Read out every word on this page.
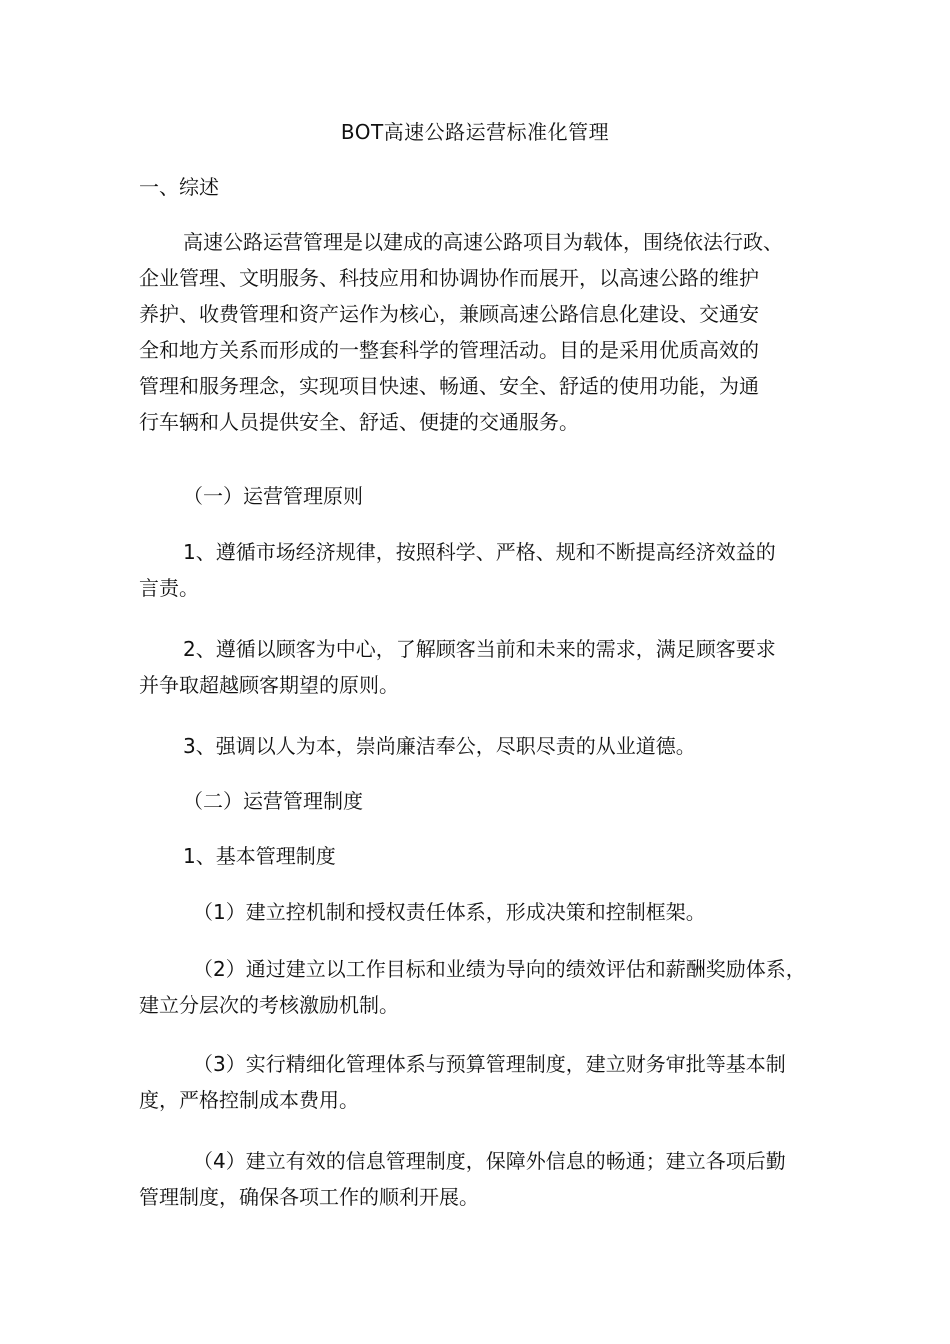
BOT高速公路运营标准化管理

一、综述

高速公路运营管理是以建成的高速公路项目为载体，围绕依法行政、
企业管理、文明服务、科技应用和协调协作而展开，以高速公路的维护
养护、收费管理和资产运作为核心，兼顾高速公路信息化建设、交通安
全和地方关系而形成的一整套科学的管理活动。目的是采用优质高效的
管理和服务理念，实现项目快速、畅通、安全、舒适的使用功能，为通
行车辆和人员提供安全、舒适、便捷的交通服务。

（一）运营管理原则

1、遵循市场经济规律，按照科学、严格、规和不断提高经济效益的
言责。

2、遵循以顾客为中心，了解顾客当前和未来的需求，满足顾客要求
并争取超越顾客期望的原则。

3、强调以人为本，崇尚廉洁奉公，尽职尽责的从业道德。

（二）运营管理制度

1、基本管理制度

（1）建立控机制和授权责任体系，形成决策和控制框架。

（2）通过建立以工作目标和业绩为导向的绩效评估和薪酬奖励体系，
建立分层次的考核激励机制。

（3）实行精细化管理体系与预算管理制度，建立财务审批等基本制
度，严格控制成本费用。

（4）建立有效的信息管理制度，保障外信息的畅通；建立各项后勤
管理制度，确保各项工作的顺利开展。
